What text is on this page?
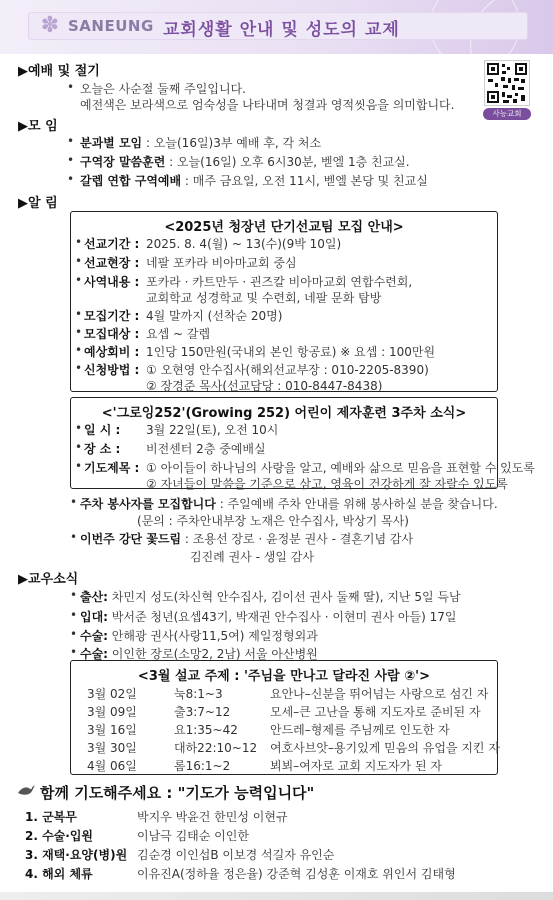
✽ SANEUNG 교회생활 안내 및 성도의 교제
사능교회
▶예배 및 절기
• 오늘은 사순절 둘째 주일입니다.
예전색은 보라색으로 엄숙성을 나타내며 청결과 영적씻음을 의미합니다.
▶모 임
• 분과별 모임 : 오늘(16일)3부 예배 후, 각 처소
• 구역장 말씀훈련 : 오늘(16일) 오후 6시30분, 벧엘 1층 친교실.
• 갈렙 연합 구역예배 : 매주 금요일, 오전 11시, 벧엘 본당 및 친교실
▶알 림
<2025년 청장년 단기선교팀 모집 안내>
• 선교기간 : 2025. 8. 4(월) ~ 13(수)(9박 10일)
• 선교현장 : 네팔 포카라 비아마교회 중심
• 사역내용 : 포카라 · 카트만두 · 괸즈칼 비아마교회 연합수련회,
교회학교 성경학교 및 수련회, 네팔 문화 탐방
• 모집기간 : 4월 말까지 (선착순 20명)
• 모집대상 : 요셉 ~ 갈렙
• 예상회비 : 1인당 150만원(국내외 본인 항공료) ※ 요셉 : 100만원
• 신청방법 : ① 오현영 안수집사(해외선교부장 : 010-2205-8390)
② 장경준 목사(선교담당 : 010-8447-8438)
<'그로잉252'(Growing 252) 어린이 제자훈련 3주차 소식>
• 일 시 : 3월 22일(토), 오전 10시
• 장 소 : 비전센터 2층 중예배실
• 기도제목 : ① 아이들이 하나님의 사랑을 알고, 예배와 삶으로 믿음을 표현할 수 있도록
② 자녀들이 말씀을 기준으로 삼고, 영육이 건강하게 잘 자랄수 있도록
• 주차 봉사자를 모집합니다 : 주일예배 주차 안내를 위해 봉사하실 분을 찾습니다.
(문의 : 주차안내부장 노재은 안수집사, 박상기 목사)
• 이번주 강단 꽃드림 : 조용선 장로 · 윤정분 권사 - 결혼기념 감사
김진례 권사 - 생일 감사
▶교우소식
• 출산: 차민지 성도(차신혁 안수집사, 김이선 권사 둘째 딸), 지난 5일 득남
• 입대: 박서준 청년(요셉43기, 박재권 안수집사 · 이현미 권사 아들) 17일
• 수술: 안해광 권사(사랑11,5여) 제일정형외과
• 수술: 이인한 장로(소망2, 2남) 서울 아산병원
<3월 설교 주제 : '주님을 만나고 달라진 사람 ②'>
3월 02일	눅8:1~3	요안나–신분을 뛰어넘는 사랑으로 섬긴 자
3월 09일	출3:7~12	모세–큰 고난을 통해 지도자로 준비된 자
3월 16일	요1:35~42	안드레–형제를 주님께로 인도한 자
3월 30일	대하22:10~12 여호사브앗–용기있게 믿음의 유업을 지킨 자
4월 06일	롬16:1~2	뵈뵈–여자로 교회 지도자가 된 자
함께 기도해주세요 : "기도가 능력입니다"
1. 군복무	박지우 박윤건 한민성 이현규
2. 수술·입원	이남극 김태순 이인한
3. 재택·요양(병)원 김순경 이인섭B 이보경 석길자 유인순
4. 해외 체류	이유진A(정하율 정은율) 강준혁 김성훈 이재호 위인서 김태형
